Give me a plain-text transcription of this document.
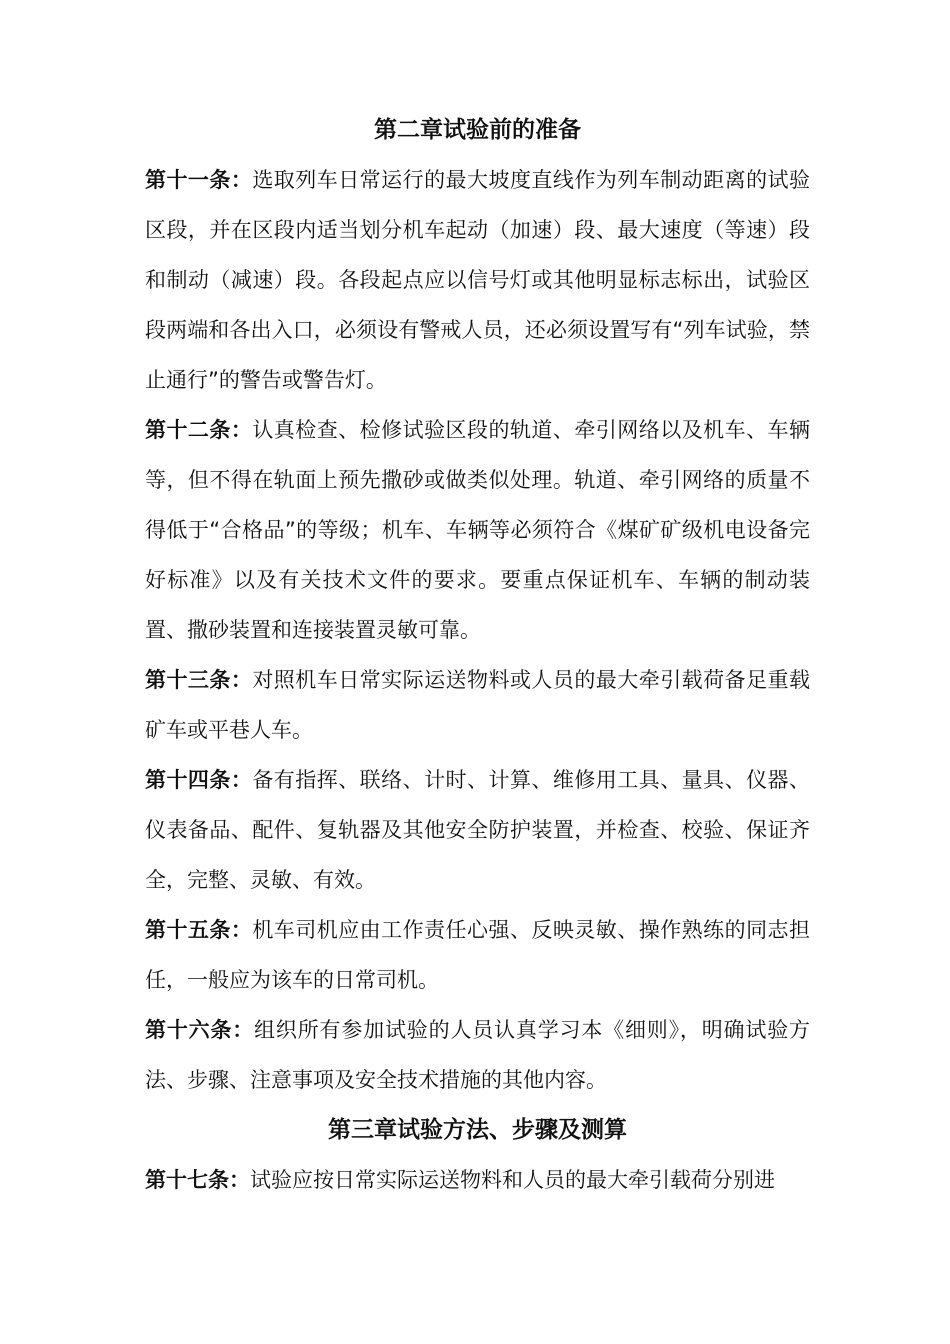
第二章试验前的准备

第十一条：选取列车日常运行的最大坡度直线作为列车制动距离的试验区段，并在区段内适当划分机车起动（加速）段、最大速度（等速）段和制动（减速）段。各段起点应以信号灯或其他明显标志标出，试验区段两端和各出入口，必须设有警戒人员，还必须设置写有“列车试验，禁止通行”的警告或警告灯。

第十二条：认真检查、检修试验区段的轨道、牵引网络以及机车、车辆等，但不得在轨面上预先撒砂或做类似处理。轨道、牵引网络的质量不得低于“合格品”的等级；机车、车辆等必须符合《煤矿矿级机电设备完好标准》以及有关技术文件的要求。要重点保证机车、车辆的制动装置、撒砂装置和连接装置灵敏可靠。

第十三条：对照机车日常实际运送物料或人员的最大牵引载荷备足重载矿车或平巷人车。

第十四条：备有指挥、联络、计时、计算、维修用工具、量具、仪器、仪表备品、配件、复轨器及其他安全防护装置，并检查、校验、保证齐全，完整、灵敏、有效。

第十五条：机车司机应由工作责任心强、反映灵敏、操作熟练的同志担任，一般应为该车的日常司机。

第十六条：组织所有参加试验的人员认真学习本《细则》，明确试验方法、步骤、注意事项及安全技术措施的其他内容。

第三章试验方法、步骤及测算

第十七条：试验应按日常实际运送物料和人员的最大牵引载荷分别进
